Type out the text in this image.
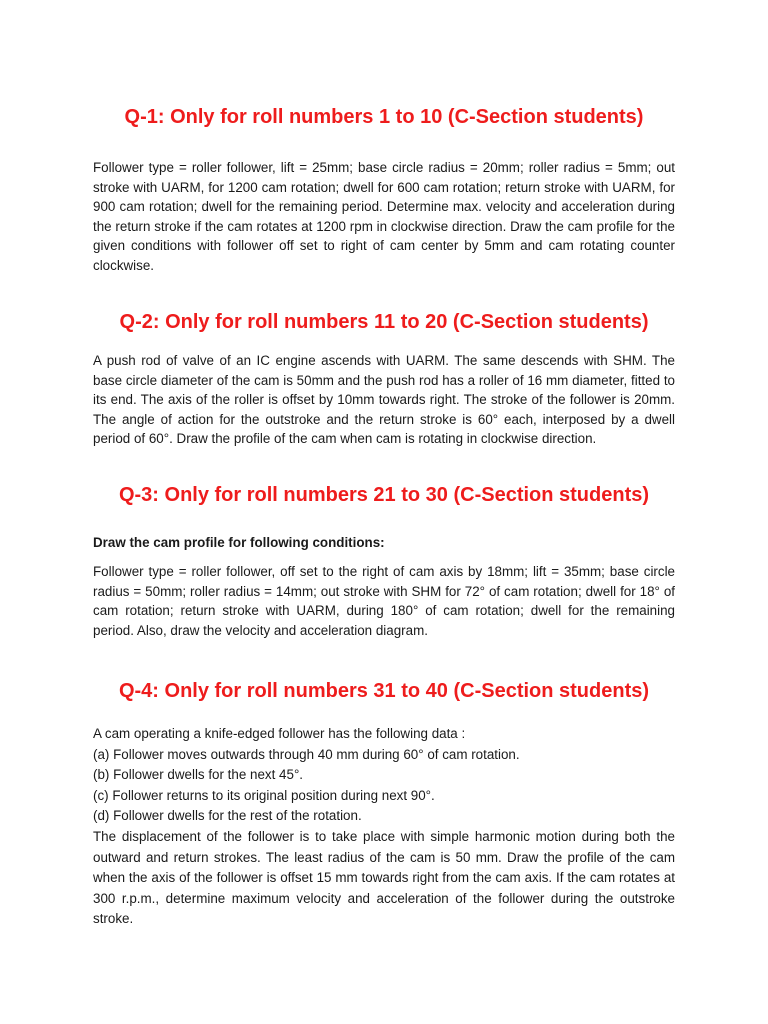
Q-1: Only for roll numbers 1 to 10 (C-Section students)

Follower type = roller follower, lift = 25mm; base circle radius = 20mm; roller radius = 5mm; out stroke with UARM, for 1200 cam rotation; dwell for 600 cam rotation; return stroke with UARM, for 900 cam rotation; dwell for the remaining period. Determine max. velocity and acceleration during the return stroke if the cam rotates at 1200 rpm in clockwise direction. Draw the cam profile for the given conditions with follower off set to right of cam center by 5mm and cam rotating counter clockwise.

Q-2: Only for roll numbers 11 to 20 (C-Section students)

A push rod of valve of an IC engine ascends with UARM. The same descends with SHM. The base circle diameter of the cam is 50mm and the push rod has a roller of 16 mm diameter, fitted to its end. The axis of the roller is offset by 10mm towards right. The stroke of the follower is 20mm. The angle of action for the outstroke and the return stroke is 60° each, interposed by a dwell period of 60°. Draw the profile of the cam when cam is rotating in clockwise direction.

Q-3: Only for roll numbers 21 to 30 (C-Section students)

Draw the cam profile for following conditions:

Follower type = roller follower, off set to the right of cam axis by 18mm; lift = 35mm; base circle radius = 50mm; roller radius = 14mm; out stroke with SHM for 72° of cam rotation; dwell for 18° of cam rotation; return stroke with UARM, during 180° of cam rotation; dwell for the remaining period. Also, draw the velocity and acceleration diagram.

Q-4: Only for roll numbers 31 to 40 (C-Section students)
A cam operating a knife-edged follower has the following data :
(a) Follower moves outwards through 40 mm during 60° of cam rotation.
(b) Follower dwells for the next 45°.
(c) Follower returns to its original position during next 90°.
(d) Follower dwells for the rest of the rotation.

The displacement of the follower is to take place with simple harmonic motion during both the outward and return strokes. The least radius of the cam is 50 mm. Draw the profile of the cam when the axis of the follower is offset 15 mm towards right from the cam axis. If the cam rotates at 300 r.p.m., determine maximum velocity and acceleration of the follower during the outstroke stroke.
